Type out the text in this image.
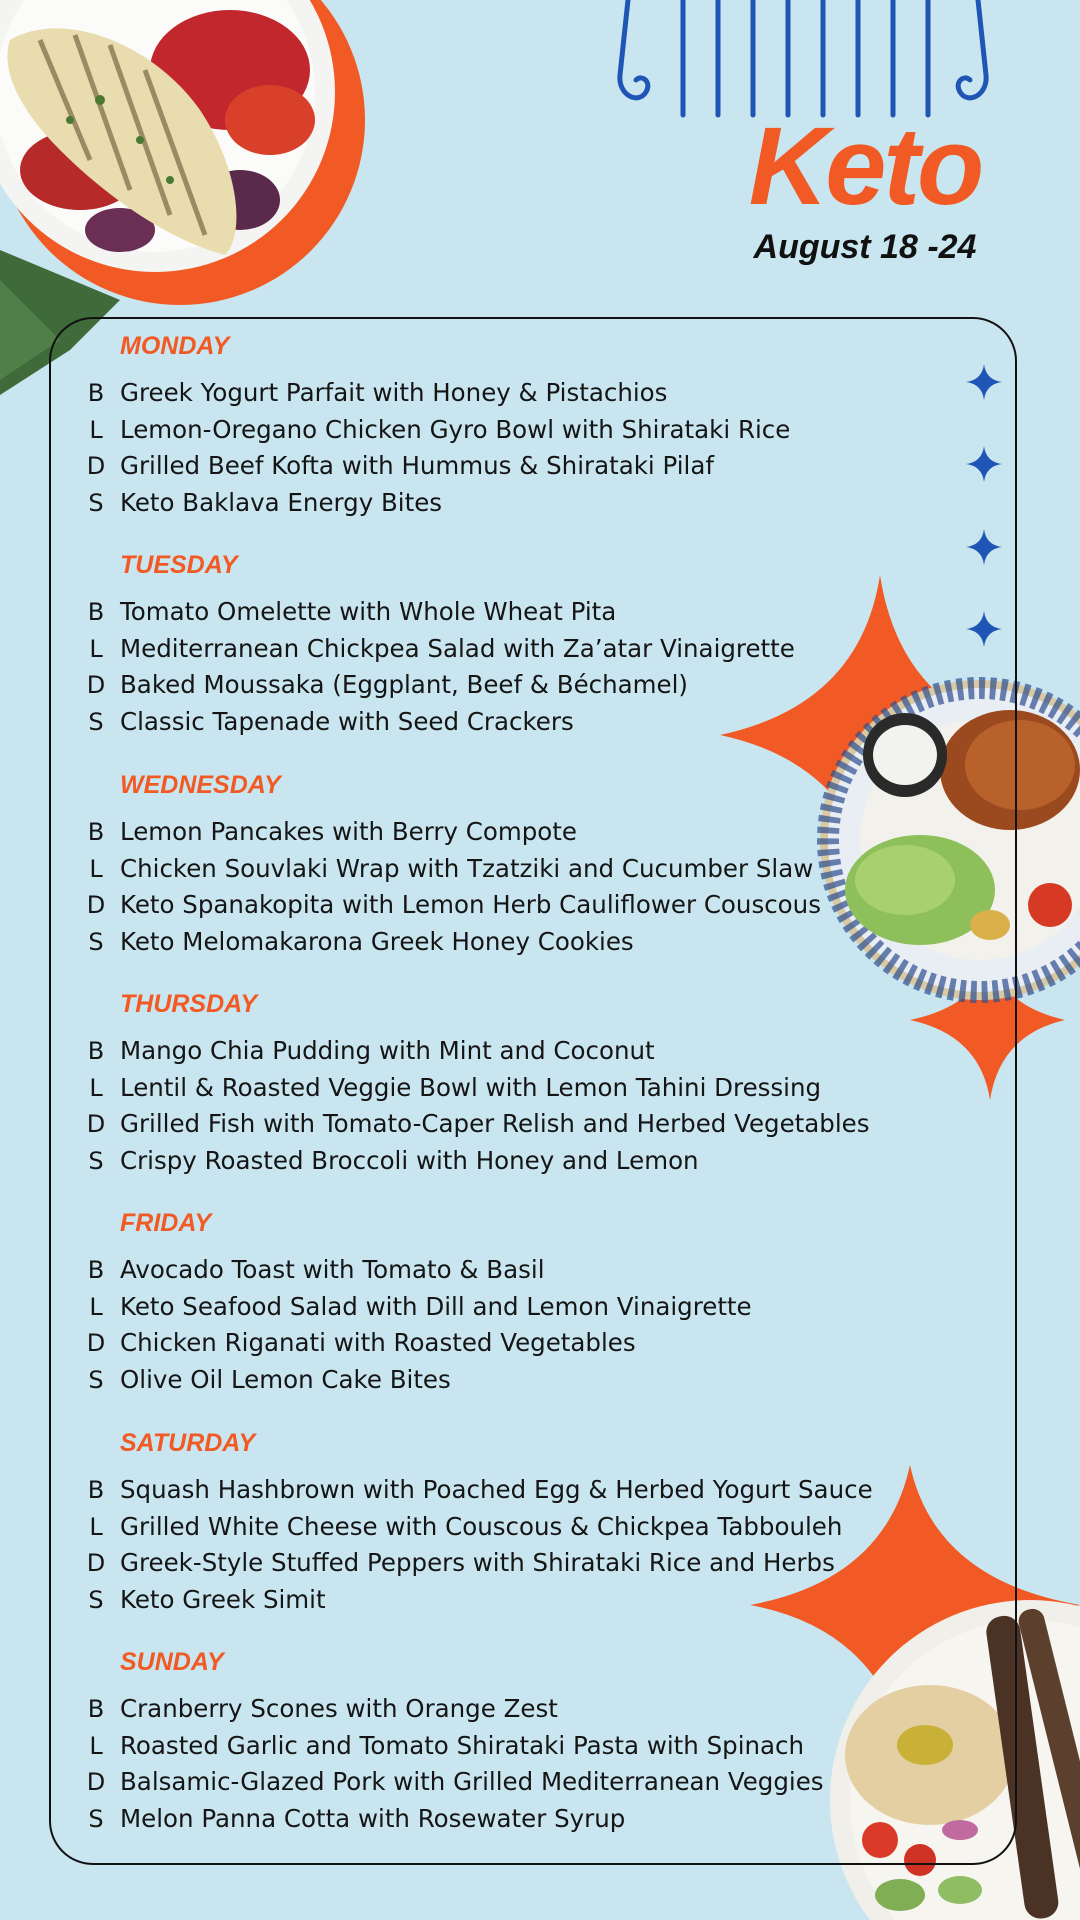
Keto
August 18 -24
MONDAY
B Greek Yogurt Parfait with Honey & Pistachios
L Lemon-Oregano Chicken Gyro Bowl with Shirataki Rice
D Grilled Beef Kofta with Hummus & Shirataki Pilaf
S Keto Baklava Energy Bites
TUESDAY
B Tomato Omelette with Whole Wheat Pita
L Mediterranean Chickpea Salad with Za’atar Vinaigrette
D Baked Moussaka (Eggplant, Beef & Béchamel)
S Classic Tapenade with Seed Crackers
WEDNESDAY
B Lemon Pancakes with Berry Compote
L Chicken Souvlaki Wrap with Tzatziki and Cucumber Slaw
D Keto Spanakopita with Lemon Herb Cauliflower Couscous
S Keto Melomakarona Greek Honey Cookies
THURSDAY
B Mango Chia Pudding with Mint and Coconut
L Lentil & Roasted Veggie Bowl with Lemon Tahini Dressing
D Grilled Fish with Tomato-Caper Relish and Herbed Vegetables
S Crispy Roasted Broccoli with Honey and Lemon
FRIDAY
B Avocado Toast with Tomato & Basil
L Keto Seafood Salad with Dill and Lemon Vinaigrette
D Chicken Riganati with Roasted Vegetables
S Olive Oil Lemon Cake Bites
SATURDAY
B Squash Hashbrown with Poached Egg & Herbed Yogurt Sauce
L Grilled White Cheese with Couscous & Chickpea Tabbouleh
D Greek-Style Stuffed Peppers with Shirataki Rice and Herbs
S Keto Greek Simit
SUNDAY
B Cranberry Scones with Orange Zest
L Roasted Garlic and Tomato Shirataki Pasta with Spinach
D Balsamic-Glazed Pork with Grilled Mediterranean Veggies
S Melon Panna Cotta with Rosewater Syrup
